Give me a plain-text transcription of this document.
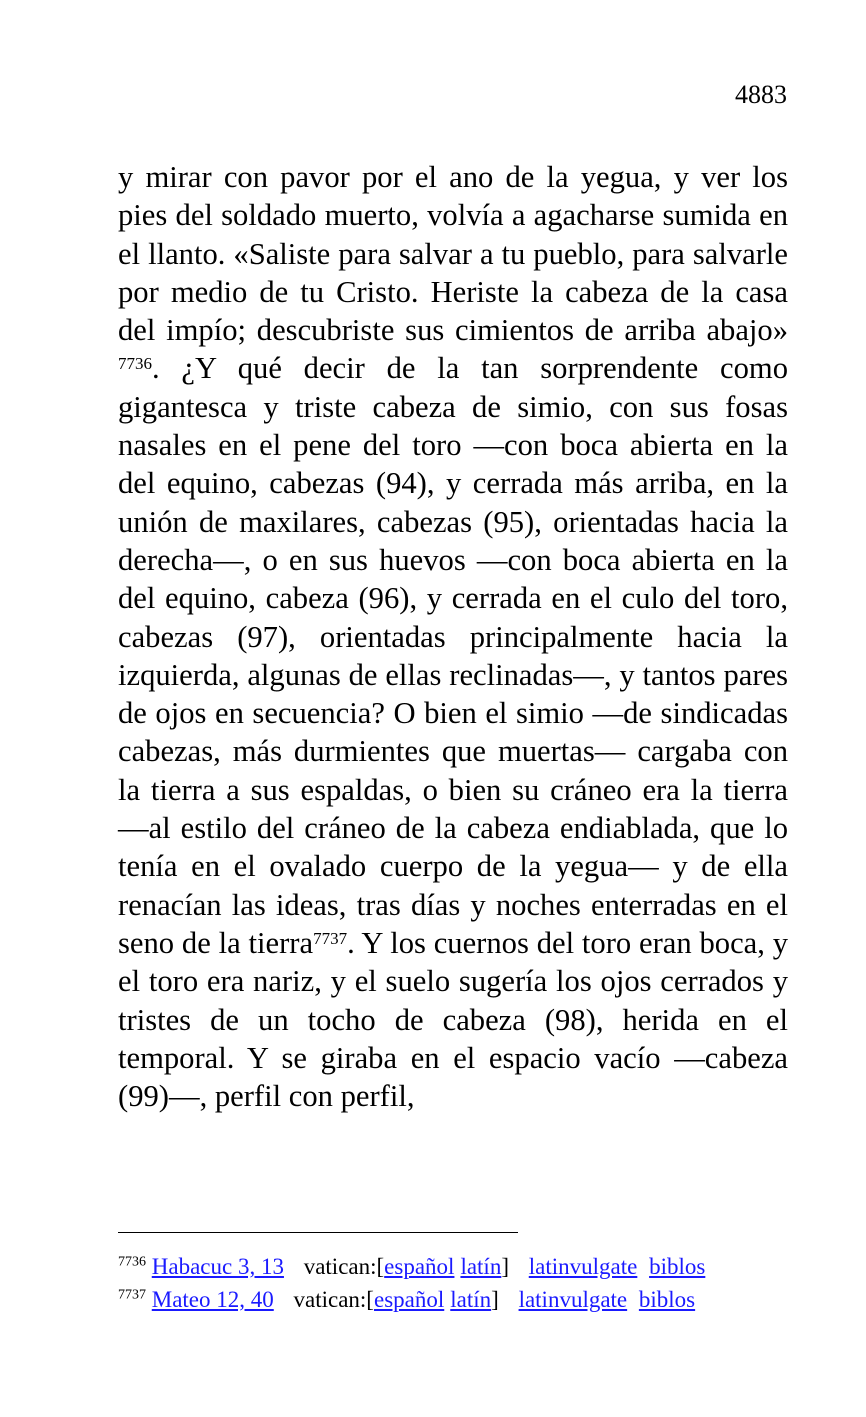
4883

y mirar con pavor por el ano de la yegua, y ver los pies del soldado muerto, volvía a agacharse sumida en el llanto. «Saliste para salvar a tu pueblo, para salvarle por medio de tu Cristo. Heriste la cabeza de la casa del impío; descubriste sus cimientos de arriba abajo» $^{7736}$. ¿Y qué decir de la tan sorprendente como gigantesca y triste cabeza de simio, con sus fosas nasales en el pene del toro —con boca abierta en la del equino, cabezas (94), y cerrada más arriba, en la unión de maxilares, cabezas (95), orientadas hacia la derecha—, o en sus huevos —con boca abierta en la del equino, cabeza (96), y cerrada en el culo del toro, cabezas (97), orientadas principalmente hacia la izquierda, algunas de ellas reclinadas—, y tantos pares de ojos en secuencia? O bien el simio —de sindicadas cabezas, más durmientes que muertas— cargaba con la tierra a sus espaldas, o bien su cráneo era la tierra —al estilo del cráneo de la cabeza endiablada, que lo tenía en el ovalado cuerpo de la yegua— y de ella renacían las ideas, tras días y noches enterradas en el seno de la tierra$^{7737}$. Y los cuernos del toro eran boca, y el toro era nariz, y el suelo sugería los ojos cerrados y tristes de un tocho de cabeza (98), herida en el temporal. Y se giraba en el espacio vacío —cabeza (99)—, perfil con perfil,

$^{7736}$ Habacuc 3, 13 vatican:[español latín] latinvulgate biblos
$^{7737}$ Mateo 12, 40 vatican:[español latín] latinvulgate biblos
